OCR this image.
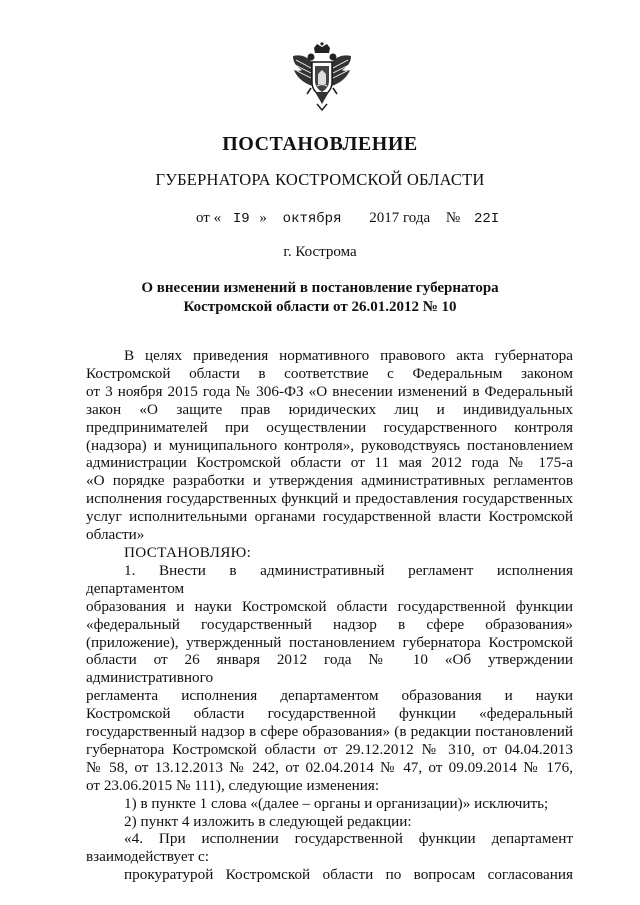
ПОСТАНОВЛЕНИЕ
ГУБЕРНАТОРА КОСТРОМСКОЙ ОБЛАСТИ
от « I9 » октября 2017 года № 22I
г. Кострома
О внесении изменений в постановление губернатора
Костромской области от 26.01.2012 № 10

В целях приведения нормативного правового акта губернатора

Костромской области в соответствие с Федеральным законом

от 3 ноября 2015 года № 306-ФЗ «О внесении изменений в Федеральный

закон «О защите прав юридических лиц и индивидуальных

предпринимателей при осуществлении государственного контроля

(надзора) и муниципального контроля», руководствуясь постановлением

администрации Костромской области от 11 мая 2012 года № 175-а

«О порядке разработки и утверждения административных регламентов

исполнения государственных функций и предоставления государственных

услуг исполнительными органами государственной власти Костромской

области»

ПОСТАНОВЛЯЮ:

1. Внести в административный регламент исполнения департаментом

образования и науки Костромской области государственной функции

«федеральный государственный надзор в сфере образования»

(приложение), утвержденный постановлением губернатора Костромской

области от 26 января 2012 года № 10 «Об утверждении административного

регламента исполнения департаментом образования и науки

Костромской области государственной функции «федеральный

государственный надзор в сфере образования» (в редакции постановлений

губернатора Костромской области от 29.12.2012 № 310, от 04.04.2013

№ 58, от 13.12.2013 № 242, от 02.04.2014 № 47, от 09.09.2014 № 176,

от 23.06.2015 № 111), следующие изменения:

1) в пункте 1 слова «(далее – органы и организации)» исключить;

2) пункт 4 изложить в следующей редакции:

«4. При исполнении государственной функции департамент

взаимодействует с:

прокуратурой Костромской области по вопросам согласования
